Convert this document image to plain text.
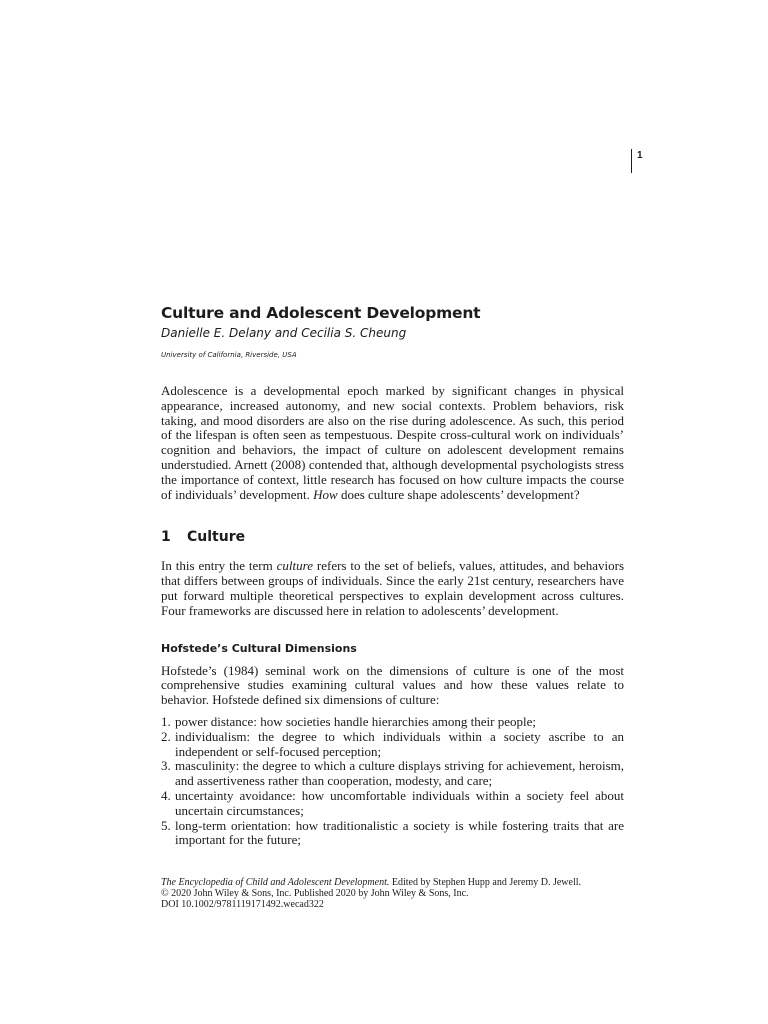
1
Culture and Adolescent Development
Danielle E. Delany and Cecilia S. Cheung
University of California, Riverside, USA

Adolescence is a developmental epoch marked by significant changes in physical appearance, increased autonomy, and new social contexts. Problem behaviors, risk taking, and mood disorders are also on the rise during adolescence. As such, this period of the lifespan is often seen as tempestuous. Despite cross-cultural work on individuals’ cognition and behaviors, the impact of culture on adolescent development remains understudied. Arnett (2008) contended that, although developmental psychologists stress the importance of context, little research has focused on how culture impacts the course of individuals’ development. How does culture shape adolescents’ development?

1 Culture

In this entry the term culture refers to the set of beliefs, values, attitudes, and behaviors that differs between groups of individuals. Since the early 21st century, researchers have put forward multiple theoretical perspectives to explain development across cultures. Four frameworks are discussed here in relation to adolescents’ development.

Hofstede’s Cultural Dimensions

Hofstede’s (1984) seminal work on the dimensions of culture is one of the most comprehensive studies examining cultural values and how these values relate to behavior. Hofstede defined six dimensions of culture:

1. power distance: how societies handle hierarchies among their people;
2. individualism: the degree to which individuals within a society ascribe to an independent or self-focused perception;
3. masculinity: the degree to which a culture displays striving for achievement, heroism, and assertiveness rather than cooperation, modesty, and care;
4. uncertainty avoidance: how uncomfortable individuals within a society feel about uncertain circumstances;
5. long-term orientation: how traditionalistic a society is while fostering traits that are important for the future;
The Encyclopedia of Child and Adolescent Development. Edited by Stephen Hupp and Jeremy D. Jewell.
© 2020 John Wiley & Sons, Inc. Published 2020 by John Wiley & Sons, Inc.
DOI 10.1002/9781119171492.wecad322
